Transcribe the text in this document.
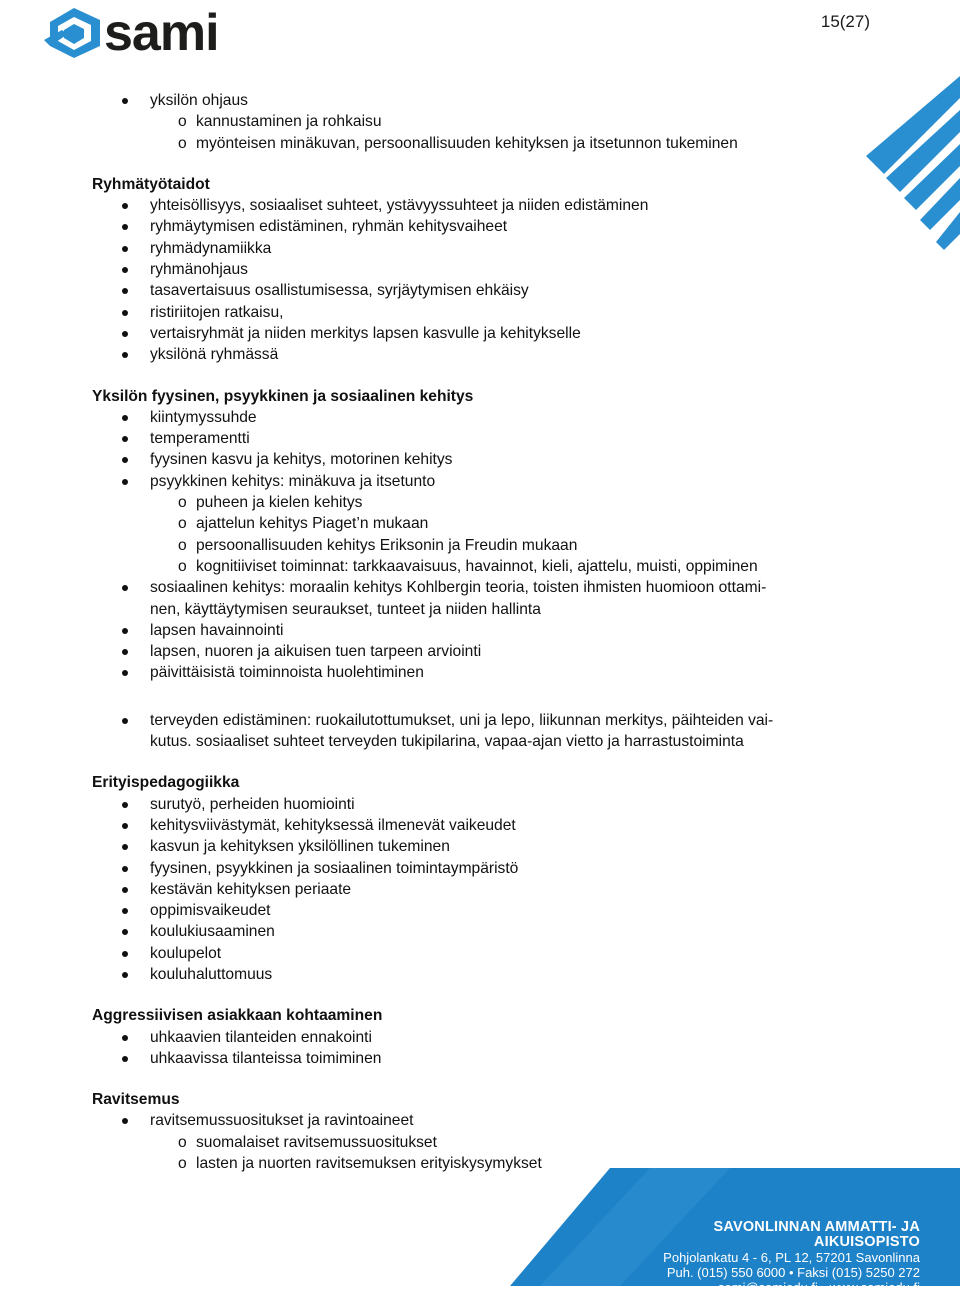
sami	15(27)
SAVONLINNAN AMMATTI- JA AIKUISOPISTO
Pohjolankatu 4 - 6, PL 12, 57201 Savonlinna
Puh. (015) 550 6000 • Faksi (015) 5250 272
sami@samiedu.fi • www.samiedu.fi
yksilön ohjaus
o kannustaminen ja rohkaisu
o myönteisen minäkuvan, persoonallisuuden kehityksen ja itsetunnon tukeminen

Ryhmätyötaidot

yhteisöllisyys, sosiaaliset suhteet, ystävyyssuhteet ja niiden edistäminen
ryhmäytymisen edistäminen, ryhmän kehitysvaiheet
ryhmädynamiikka
ryhmänohjaus
tasavertaisuus osallistumisessa, syrjäytymisen ehkäisy
ristiriitojen ratkaisu,
vertaisryhmät ja niiden merkitys lapsen kasvulle ja kehitykselle
yksilönä ryhmässä

Yksilön fyysinen, psyykkinen ja sosiaalinen kehitys

kiintymyssuhde
temperamentti
fyysinen kasvu ja kehitys, motorinen kehitys
psyykkinen kehitys: minäkuva ja itsetunto
o puheen ja kielen kehitys
o ajattelun kehitys Piaget’n mukaan
o persoonallisuuden kehitys Eriksonin ja Freudin mukaan
o kognitiiviset toiminnat: tarkkaavaisuus, havainnot, kieli, ajattelu, muisti, oppiminen
sosiaalinen kehitys: moraalin kehitys Kohlbergin teoria, toisten ihmisten huomioon ottami-
nen, käyttäytymisen seuraukset, tunteet ja niiden hallinta
lapsen havainnointi
lapsen, nuoren ja aikuisen tuen tarpeen arviointi
päivittäisistä toiminnoista huolehtiminen
terveyden edistäminen: ruokailutottumukset, uni ja lepo, liikunnan merkitys, päihteiden vai-
kutus. sosiaaliset suhteet terveyden tukipilarina, vapaa-ajan vietto ja harrastustoiminta

Erityispedagogiikka

surutyö, perheiden huomiointi
kehitysviivästymät, kehityksessä ilmenevät vaikeudet
kasvun ja kehityksen yksilöllinen tukeminen
fyysinen, psyykkinen ja sosiaalinen toimintaympäristö
kestävän kehityksen periaate
oppimisvaikeudet
koulukiusaaminen
koulupelot
kouluhaluttomuus

Aggressiivisen asiakkaan kohtaaminen

uhkaavien tilanteiden ennakointi
uhkaavissa tilanteissa toimiminen

Ravitsemus

ravitsemussuositukset ja ravintoaineet
o suomalaiset ravitsemussuositukset
o lasten ja nuorten ravitsemuksen erityiskysymykset
